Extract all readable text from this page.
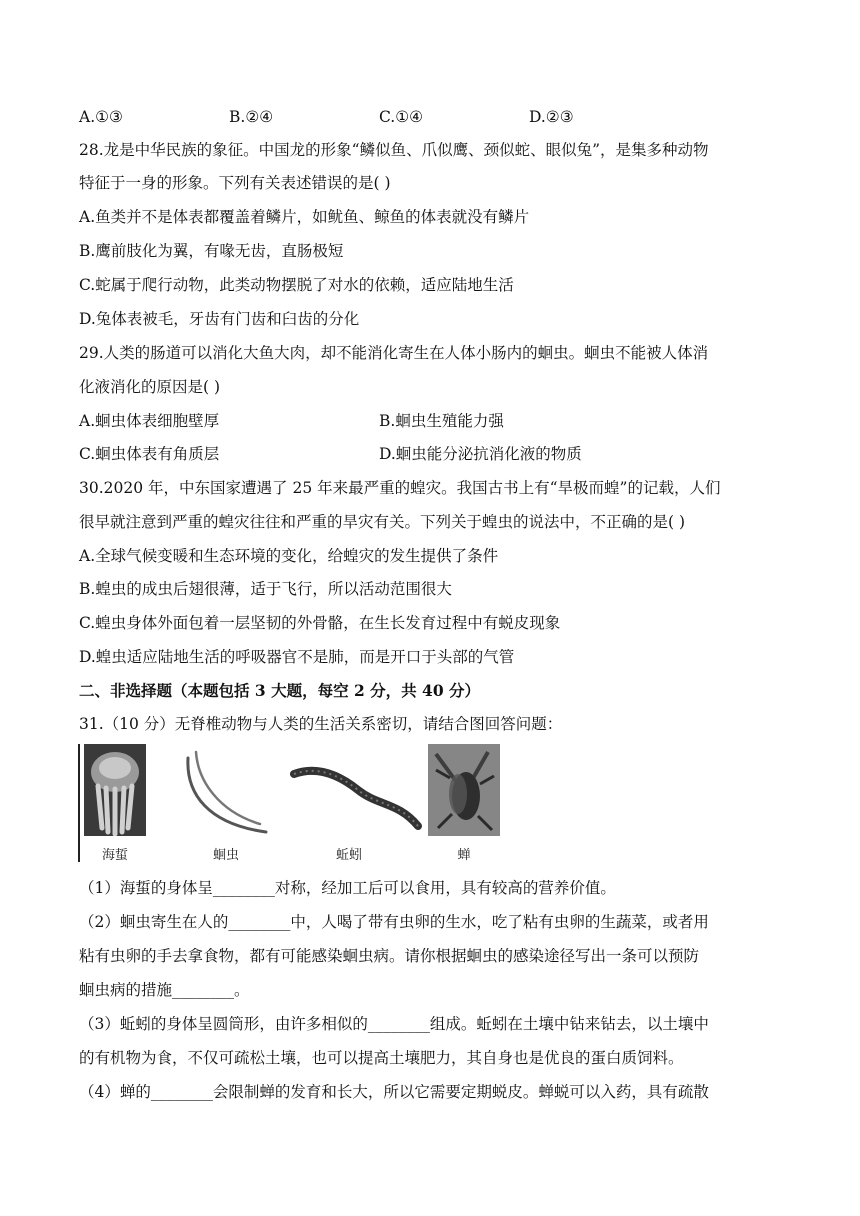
A.①③	B.②④	C.①④	D.②③
28.龙是中华民族的象征。中国龙的形象“鳞似鱼、爪似鹰、颈似蛇、眼似兔”，是集多种动物
特征于一身的形象。下列有关表述错误的是( )
A.鱼类并不是体表都覆盖着鳞片，如鱿鱼、鲸鱼的体表就没有鳞片
B.鹰前肢化为翼，有喙无齿，直肠极短
C.蛇属于爬行动物，此类动物摆脱了对水的依赖，适应陆地生活
D.兔体表被毛，牙齿有门齿和臼齿的分化
29.人类的肠道可以消化大鱼大肉，却不能消化寄生在人体小肠内的蛔虫。蛔虫不能被人体消
化液消化的原因是( )
A.蛔虫体表细胞壁厚	B.蛔虫生殖能力强
C.蛔虫体表有角质层	D.蛔虫能分泌抗消化液的物质
30.2020 年，中东国家遭遇了 25 年来最严重的蝗灾。我国古书上有“旱极而蝗”的记载，人们
很早就注意到严重的蝗灾往往和严重的旱灾有关。下列关于蝗虫的说法中，不正确的是( )
A.全球气候变暖和生态环境的变化，给蝗灾的发生提供了条件
B.蝗虫的成虫后翅很薄，适于飞行，所以活动范围很大
C.蝗虫身体外面包着一层坚韧的外骨骼，在生长发育过程中有蜕皮现象
D.蝗虫适应陆地生活的呼吸器官不是肺，而是开口于头部的气管
二、非选择题（本题包括 3 大题，每空 2 分，共 40 分）
31.（10 分）无脊椎动物与人类的生活关系密切，请结合图回答问题：
海蜇	蛔虫	蚯蚓	蝉
（1）海蜇的身体呈________对称，经加工后可以食用，具有较高的营养价值。
（2）蛔虫寄生在人的________中，人喝了带有虫卵的生水，吃了粘有虫卵的生蔬菜，或者用
粘有虫卵的手去拿食物，都有可能感染蛔虫病。请你根据蛔虫的感染途径写出一条可以预防
蛔虫病的措施________。
（3）蚯蚓的身体呈圆筒形，由许多相似的________组成。蚯蚓在土壤中钻来钻去，以土壤中
的有机物为食，不仅可疏松土壤，也可以提高土壤肥力，其自身也是优良的蛋白质饲料。
（4）蝉的________会限制蝉的发育和长大，所以它需要定期蜕皮。蝉蜕可以入药，具有疏散
